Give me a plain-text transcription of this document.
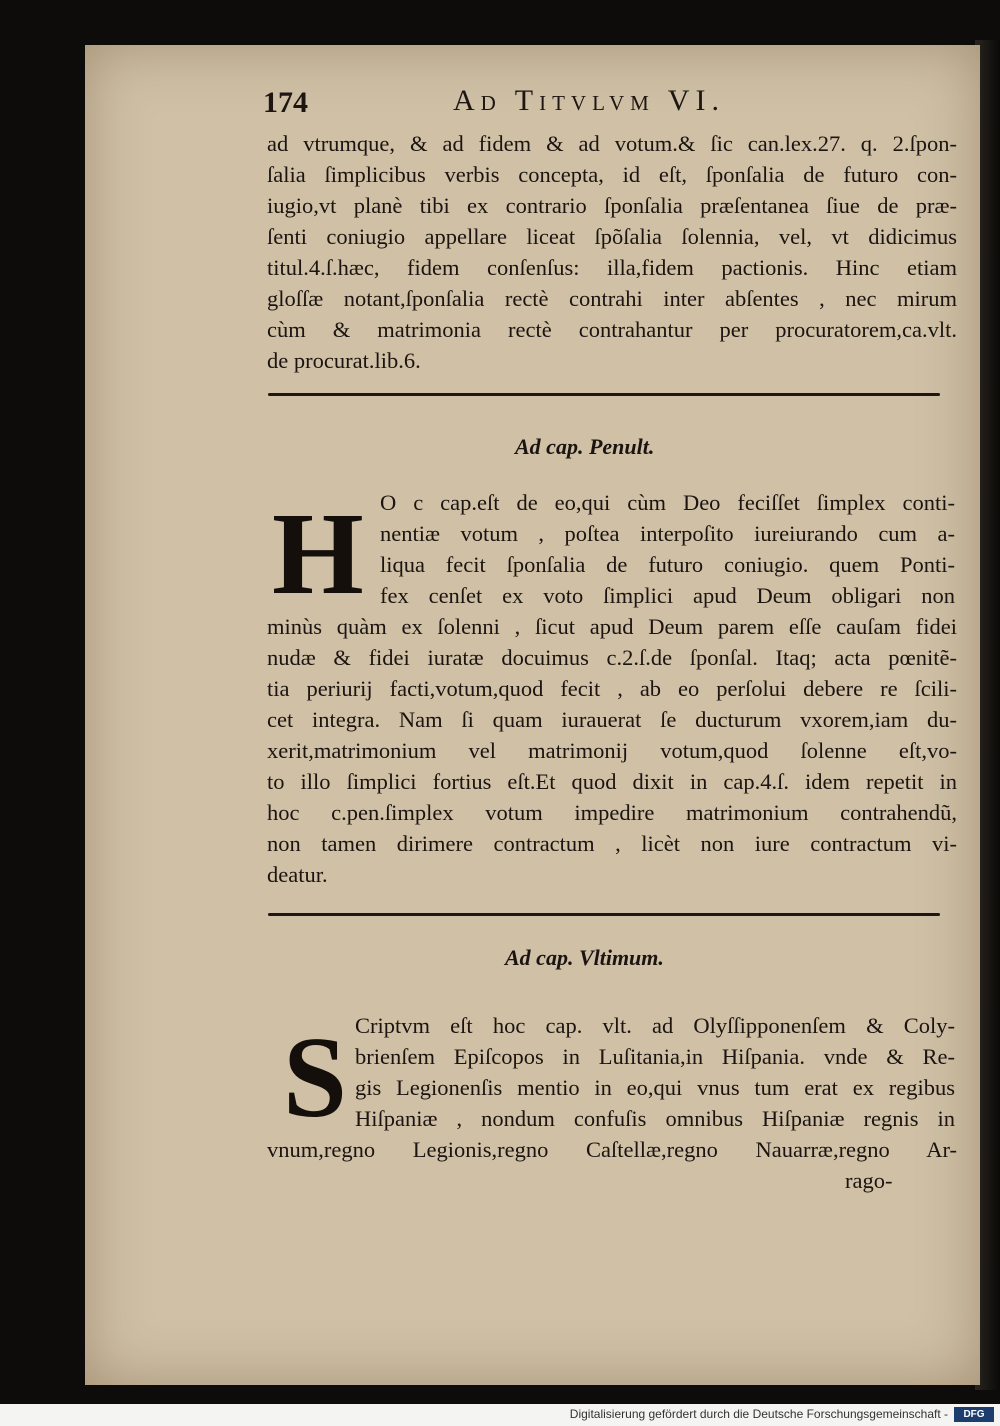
174	Ad Titvlvm VI.
ad vtrumque, & ad fidem & ad votum.& ſic can.lex.27. q. 2.ſpon-
ſalia ſimplicibus verbis concepta, id eſt, ſponſalia de futuro con-
iugio,vt planè tibi ex contrario ſponſalia præſentanea ſiue de præ-
ſenti coniugio appellare liceat ſpõſalia ſolennia, vel, vt didicimus
titul.4.ſ.hæc, fidem conſenſus: illa,fidem pactionis. Hinc etiam
gloſſæ notant,ſponſalia rectè contrahi inter abſentes , nec mirum
cùm & matrimonia rectè contrahantur per procuratorem,ca.vlt.
de procurat.lib.6.
Ad cap. Penult.
H O c cap.eſt de eo,qui cùm Deo feciſſet ſimplex conti-
nentiæ votum , poſtea interpoſito iureiurando cum a-
liqua fecit ſponſalia de futuro coniugio. quem Ponti-
fex cenſet ex voto ſimplici apud Deum obligari non
minùs quàm ex ſolenni , ſicut apud Deum parem eſſe cauſam fidei
nudæ & fidei iuratæ docuimus c.2.ſ.de ſponſal. Itaq; acta pœnitẽ-
tia periurij facti,votum,quod fecit , ab eo perſolui debere re ſcili-
cet integra. Nam ſi quam iurauerat ſe ducturum vxorem,iam du-
xerit,matrimonium vel matrimonij votum,quod ſolenne eſt,vo-
to illo ſimplici fortius eſt.Et quod dixit in cap.4.ſ. idem repetit in
hoc c.pen.ſimplex votum impedire matrimonium contrahendũ,
non tamen dirimere contractum , licèt non iure contractum vi-
deatur.
Ad cap. Vltimum.
S Criptvm eſt hoc cap. vlt. ad Olyſſipponenſem & Coly-
brienſem Epiſcopos in Luſitania,in Hiſpania. vnde & Re-
gis Legionenſis mentio in eo,qui vnus tum erat ex regibus
Hiſpaniæ , nondum confuſis omnibus Hiſpaniæ regnis in
vnum,regno Legionis,regno Caſtellæ,regno Nauarræ,regno Ar-
rago-
Digitalisierung gefördert durch die Deutsche Forschungsgemeinschaft -	DFG
